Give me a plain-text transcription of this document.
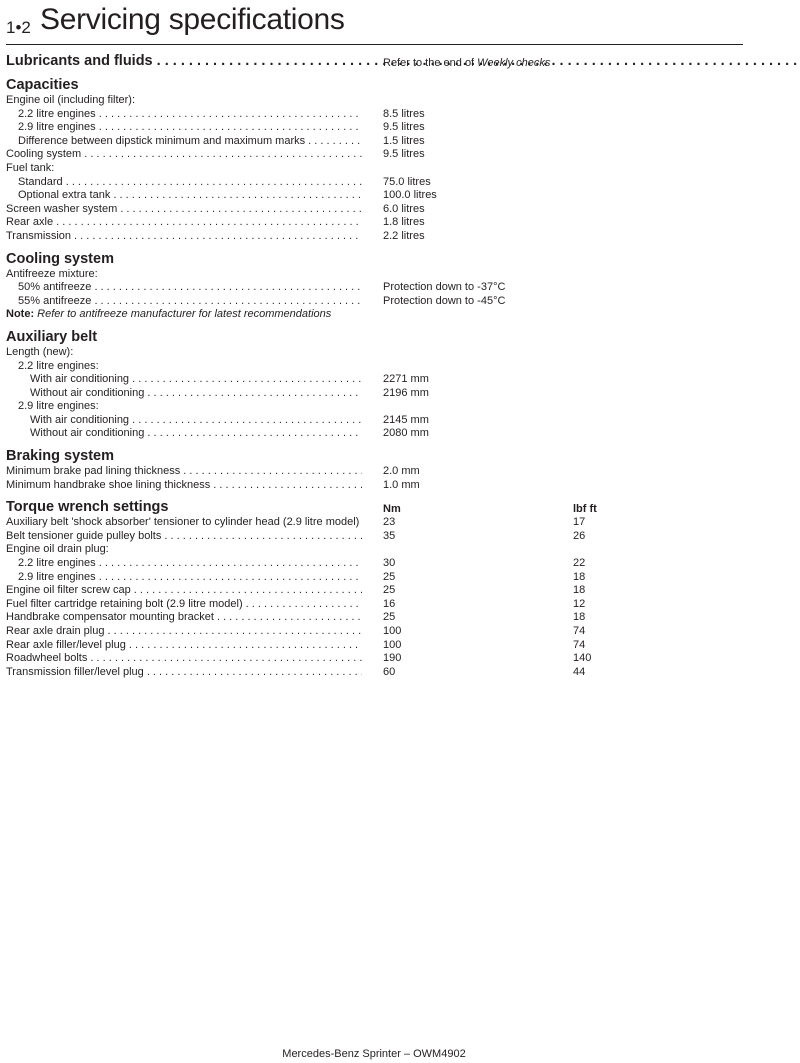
1•2 Servicing specifications
Lubricants and fluids . . .	Refer to the end of Weekly checks
Capacities
Engine oil (including filter):
2.2 litre engines . . .	8.5 litres
2.9 litre engines . . .	9.5 litres
Difference between dipstick minimum and maximum marks . . .	1.5 litres
Cooling system . . .	9.5 litres
Fuel tank:
Standard . . .	75.0 litres
Optional extra tank . . .	100.0 litres
Screen washer system . . .	6.0 litres
Rear axle . . .	1.8 litres
Transmission . . .	2.2 litres
Cooling system
Antifreeze mixture:
50% antifreeze . . .	Protection down to -37°C
55% antifreeze . . .	Protection down to -45°C
Note: Refer to antifreeze manufacturer for latest recommendations
Auxiliary belt
Length (new):
2.2 litre engines:
With air conditioning . . .	2271 mm
Without air conditioning . . .	2196 mm
2.9 litre engines:
With air conditioning . . .	2145 mm
Without air conditioning . . .	2080 mm
Braking system
Minimum brake pad lining thickness . . .	2.0 mm
Minimum handbrake shoe lining thickness . . .	1.0 mm
Torque wrench settings	Nm	lbf ft
Auxiliary belt 'shock absorber' tensioner to cylinder head (2.9 litre model) . . . 23	17
Belt tensioner guide pulley bolts . . .	35	26
Engine oil drain plug:
2.2 litre engines . . .	30	22
2.9 litre engines . . .	25	18
Engine oil filter screw cap . . .	25	18
Fuel filter cartridge retaining bolt (2.9 litre model) . . .	16	12
Handbrake compensator mounting bracket . . .	25	18
Rear axle drain plug . . .	100	74
Rear axle filler/level plug . . .	100	74
Roadwheel bolts . . .	190	140
Transmission filler/level plug . . .	60	44
Mercedes-Benz Sprinter – OWM4902
